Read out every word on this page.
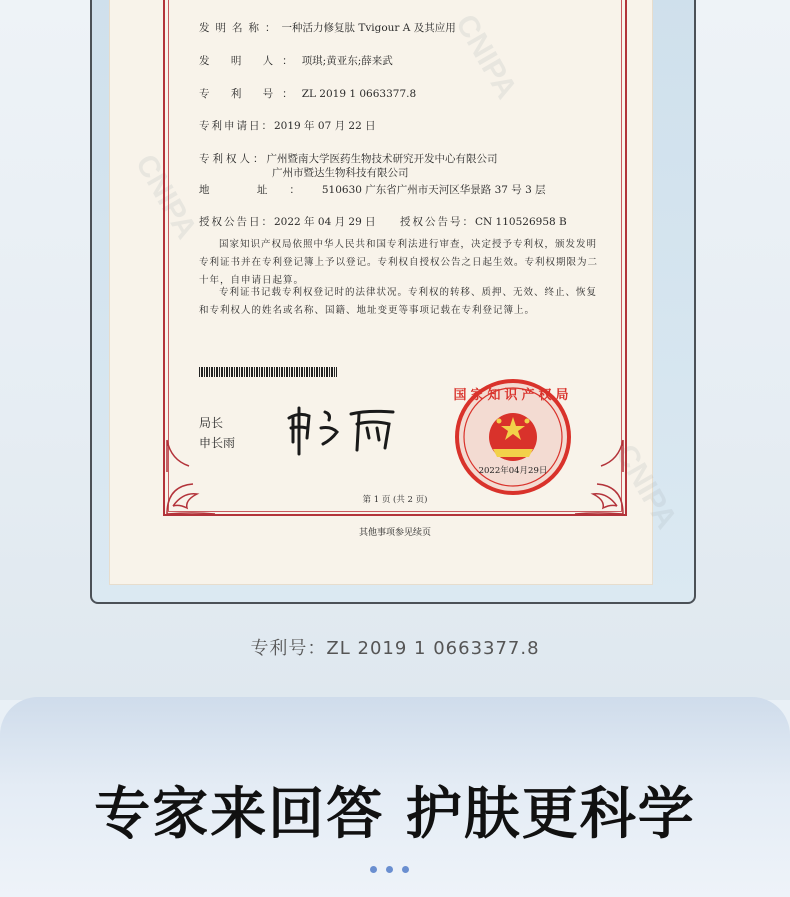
CNIPA
CNIPA
CNIPA
发明名称：一种活力修复肽 Tvigour A 及其应用
发 明 人：项琪;黄亚东;薛来武
专 利 号：ZL 2019 1 0663377.8
专利申请日：2019 年 07 月 22 日
专利权人：广州暨南大学医药生物技术研究开发中心有限公司
广州市暨达生物科技有限公司
地 址：510630 广东省广州市天河区华景路 37 号 3 层
授权公告日：2022 年 04 月 29 日 授权公告号：CN 110526958 B
国家知识产权局依照中华人民共和国专利法进行审查，决定授予专利权，颁发发明专利证书并在专利登记簿上予以登记。专利权自授权公告之日起生效。专利权期限为二十年，自申请日起算。
专利证书记载专利权登记时的法律状况。专利权的转移、质押、无效、终止、恢复和专利权人的姓名或名称、国籍、地址变更等事项记载在专利登记簿上。
局长
申长雨
国家知识产权局
2022年04月29日
第 1 页 (共 2 页)
其他事项参见续页
专利号：ZL 2019 1 0663377.8
专家来回答 护肤更科学
